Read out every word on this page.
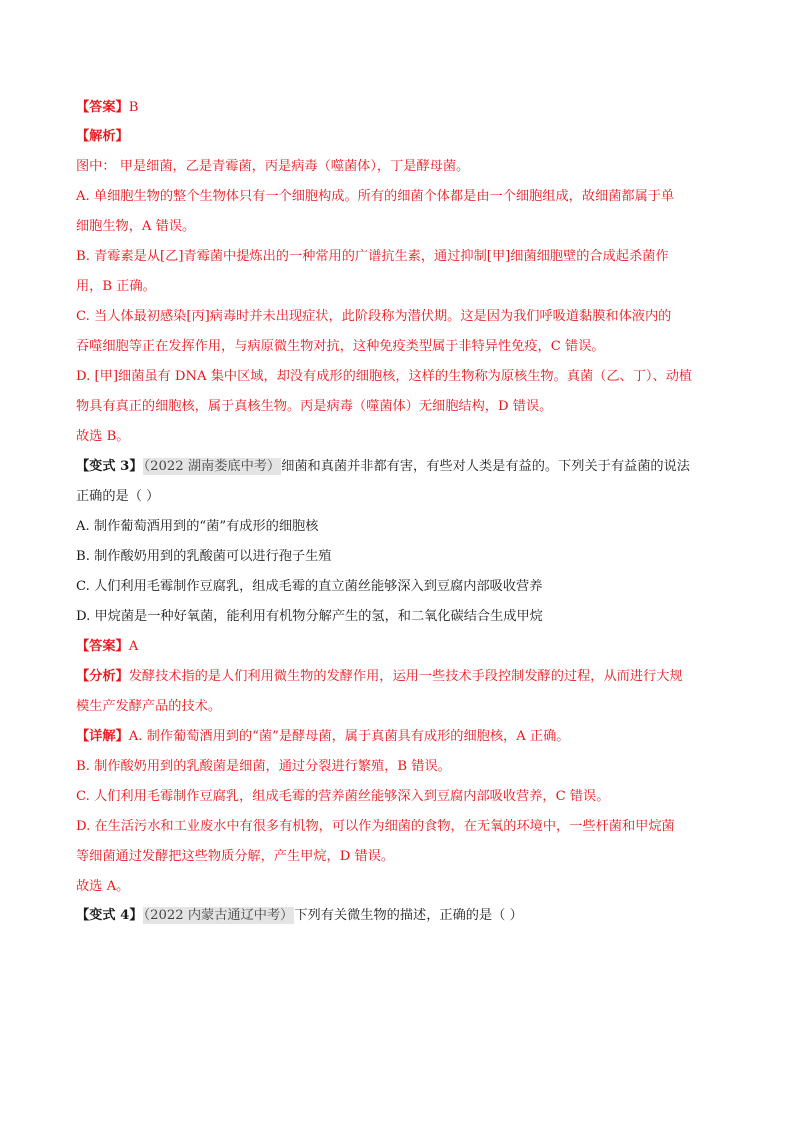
【答案】B
【解析】
图中： 甲是细菌，乙是青霉菌，丙是病毒（噬菌体），丁是酵母菌。
A. 单细胞生物的整个生物体只有一个细胞构成。所有的细菌个体都是由一个细胞组成，故细菌都属于单
细胞生物，A 错误。
B. 青霉素是从[乙]青霉菌中提炼出的一种常用的广谱抗生素，通过抑制[甲]细菌细胞壁的合成起杀菌作
用，B 正确。
C. 当人体最初感染[丙]病毒时并未出现症状，此阶段称为潜伏期。这是因为我们呼吸道黏膜和体液内的
吞噬细胞等正在发挥作用，与病原微生物对抗，这种免疫类型属于非特异性免疫，C 错误。
D. [甲]细菌虽有 DNA 集中区域，却没有成形的细胞核，这样的生物称为原核生物。真菌（乙、丁）、动植
物具有真正的细胞核，属于真核生物。丙是病毒（噬菌体）无细胞结构，D 错误。
故选 B。
【变式 3】（2022 湖南娄底中考）细菌和真菌并非都有害，有些对人类是有益的。下列关于有益菌的说法
正确的是（ ）
A. 制作葡萄酒用到的“菌”有成形的细胞核
B. 制作酸奶用到的乳酸菌可以进行孢子生殖
C. 人们利用毛霉制作豆腐乳，组成毛霉的直立菌丝能够深入到豆腐内部吸收营养
D. 甲烷菌是一种好氧菌，能利用有机物分解产生的氢，和二氧化碳结合生成甲烷
【答案】A
【分析】发酵技术指的是人们利用微生物的发酵作用，运用一些技术手段控制发酵的过程，从而进行大规
模生产发酵产品的技术。
【详解】A. 制作葡萄酒用到的“菌”是酵母菌，属于真菌具有成形的细胞核，A 正确。
B. 制作酸奶用到的乳酸菌是细菌，通过分裂进行繁殖，B 错误。
C. 人们利用毛霉制作豆腐乳，组成毛霉的营养菌丝能够深入到豆腐内部吸收营养，C 错误。
D. 在生活污水和工业废水中有很多有机物，可以作为细菌的食物，在无氧的环境中，一些杆菌和甲烷菌
等细菌通过发酵把这些物质分解，产生甲烷，D 错误。
故选 A。
【变式 4】（2022 内蒙古通辽中考）下列有关微生物的描述，正确的是（ ）
